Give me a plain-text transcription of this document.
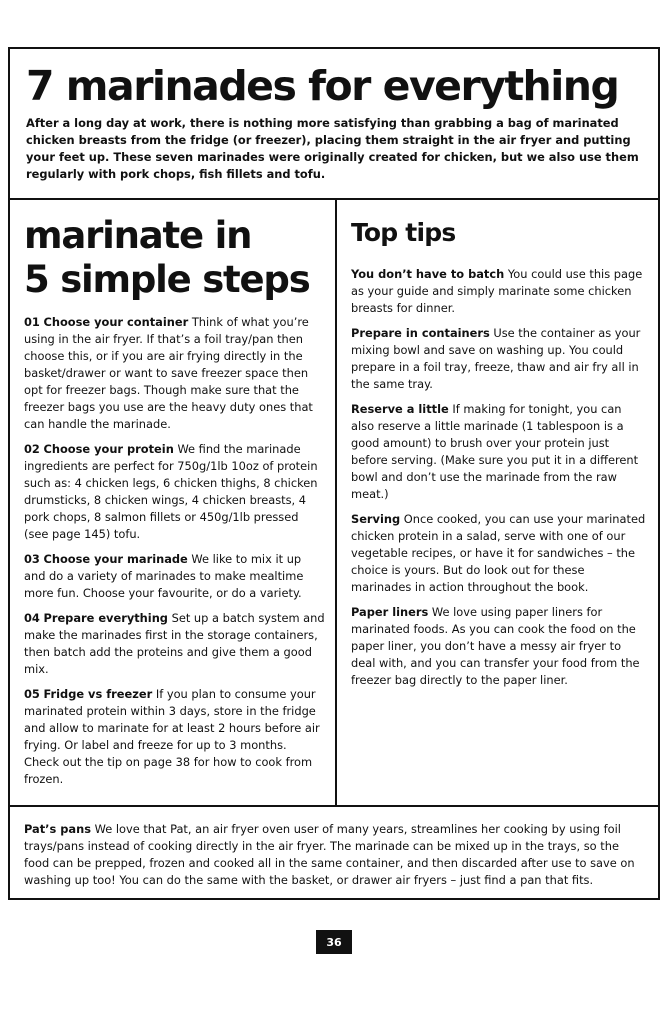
7 marinades for everything

After a long day at work, there is nothing more satisfying than grabbing a bag of marinated chicken breasts from the fridge (or freezer), placing them straight in the air fryer and putting your feet up. These seven marinades were originally created for chicken, but we also use them regularly with pork chops, fish fillets and tofu.

marinate in
5 simple steps

01 Choose your container Think of what you’re using in the air fryer. If that’s a foil tray/pan then choose this, or if you are air frying directly in the basket/drawer or want to save freezer space then opt for freezer bags. Though make sure that the freezer bags you use are the heavy duty ones that can handle the marinade.

02 Choose your protein We find the marinade ingredients are perfect for 750g/1lb 10oz of protein such as: 4 chicken legs, 6 chicken thighs, 8 chicken drumsticks, 8 chicken wings, 4 chicken breasts, 4 pork chops, 8 salmon fillets or 450g/1lb pressed (see page 145) tofu.

03 Choose your marinade We like to mix it up and do a variety of marinades to make mealtime more fun. Choose your favourite, or do a variety.

04 Prepare everything Set up a batch system and make the marinades first in the storage containers, then batch add the proteins and give them a good mix.

05 Fridge vs freezer If you plan to consume your marinated protein within 3 days, store in the fridge and allow to marinate for at least 2 hours before air frying. Or label and freeze for up to 3 months. Check out the tip on page 38 for how to cook from frozen.

Top tips

You don’t have to batch You could use this page as your guide and simply marinate some chicken breasts for dinner.

Prepare in containers Use the container as your mixing bowl and save on washing up. You could prepare in a foil tray, freeze, thaw and air fry all in the same tray.

Reserve a little If making for tonight, you can also reserve a little marinade (1 tablespoon is a good amount) to brush over your protein just before serving. (Make sure you put it in a different bowl and don’t use the marinade from the raw meat.)

Serving Once cooked, you can use your marinated chicken protein in a salad, serve with one of our vegetable recipes, or have it for sandwiches – the choice is yours. But do look out for these marinades in action throughout the book.

Paper liners We love using paper liners for marinated foods. As you can cook the food on the paper liner, you don’t have a messy air fryer to deal with, and you can transfer your food from the freezer bag directly to the paper liner.

Pat’s pans We love that Pat, an air fryer oven user of many years, streamlines her cooking by using foil trays/pans instead of cooking directly in the air fryer. The marinade can be mixed up in the trays, so the food can be prepped, frozen and cooked all in the same container, and then discarded after use to save on washing up too! You can do the same with the basket, or drawer air fryers – just find a pan that fits.

36
